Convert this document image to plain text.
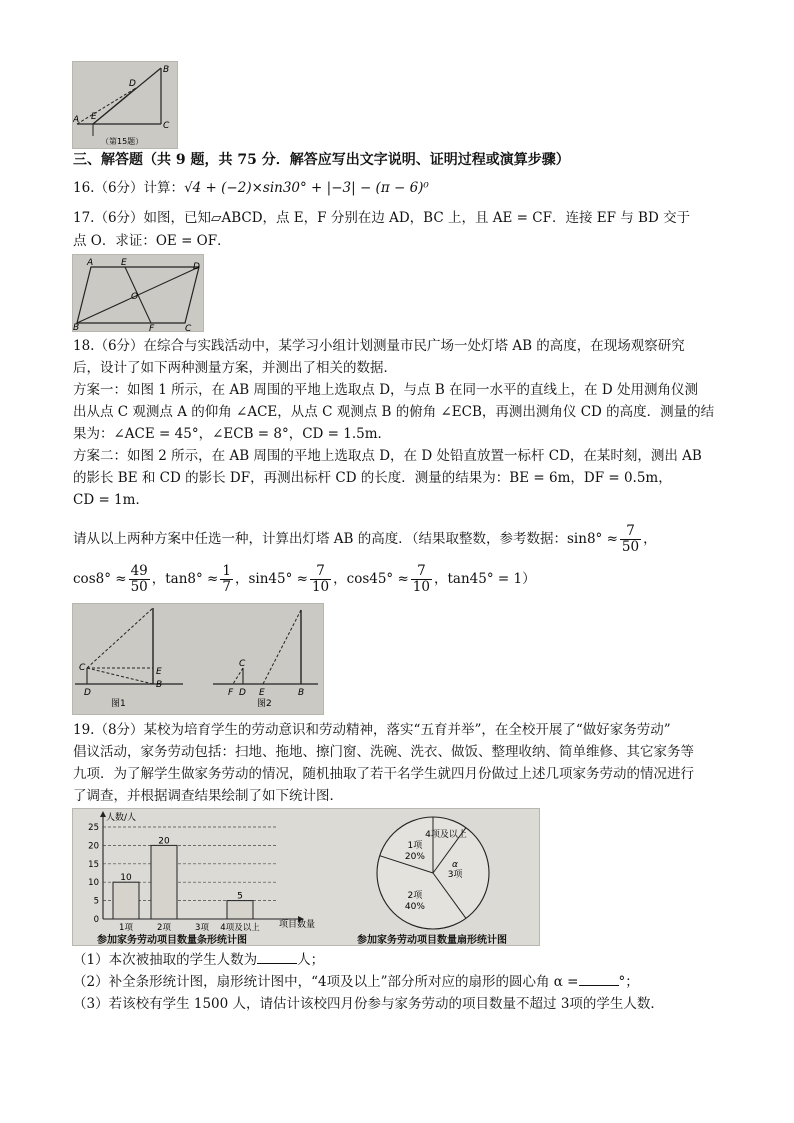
B
D
A E
C
（第15题）
三、解答题（共 9 题，共 75 分．解答应写出文字说明、证明过程或演算步骤）
16.（6分）计算：√4 + (−2)×sin30° + |−3| − (π − 6)⁰
17.（6分）如图，已知▱ABCD，点 E，F 分别在边 AD，BC 上，且 AE = CF．连接 EF 与 BD 交于
点 O．求证：OE = OF．
A	E	D
O
B	F	C
18.（6分）在综合与实践活动中，某学习小组计划测量市民广场一处灯塔 AB 的高度，在现场观察研究
后，设计了如下两种测量方案，并测出了相关的数据．
方案一：如图 1 所示，在 AB 周围的平地上选取点 D，与点 B 在同一水平的直线上，在 D 处用测角仪测
出从点 C 观测点 A 的仰角 ∠ACE，从点 C 观测点 B 的俯角 ∠ECB，再测出测角仪 CD 的高度．测量的结
果为：∠ACE = 45°，∠ECB = 8°，CD = 1.5m．
方案二：如图 2 所示，在 AB 周围的平地上选取点 D，在 D 处铅直放置一标杆 CD，在某时刻，测出 AB
的影长 BE 和 CD 的影长 DF，再测出标杆 CD 的长度．测量的结果为：BE = 6m，DF = 0.5m，
CD = 1m．
请从以上两种方案中任选一种，计算出灯塔 AB 的高度．（结果取整数，参考数据：$\sin 8^\circ \approx \frac{7}{50}$ ，
$\cos 8^\circ \approx \frac{49}{50}$ ，$\tan 8^\circ \approx \frac{1}{7}$ ，$\sin 45^\circ \approx \frac{7}{10}$ ，$\cos 45^\circ \approx \frac{7}{10}$ ，tan45° = 1）
C
D
E
B
图1
C
F D E	B
图2
19.（8分）某校为培育学生的劳动意识和劳动精神，落实“五育并举”，在全校开展了“做好家务劳动”
倡议活动，家务劳动包括：扫地、拖地、擦门窗、洗碗、洗衣、做饭、整理收纳、简单维修、其它家务等
九项．为了解学生做家务劳动的情况，随机抽取了若干名学生就四月份做过上述几项家务劳动的情况进行
了调查，并根据调查结果绘制了如下统计图．
人数/人
项目数量
0
5
10
15
20
25
10
20
5
1项	2项	3项 4项及以上
1项
20%
2项
40%
3项
4项及以上
α
参加家务劳动项目数量条形统计图	参加家务劳动项目数量扇形统计图
（1）本次被抽取的学生人数为	人；
（2）补全条形统计图，扇形统计图中，“4项及以上”部分所对应的扇形的圆心角 α =	°；
（3）若该校有学生 1500 人，请估计该校四月份参与家务劳动的项目数量不超过 3项的学生人数．
